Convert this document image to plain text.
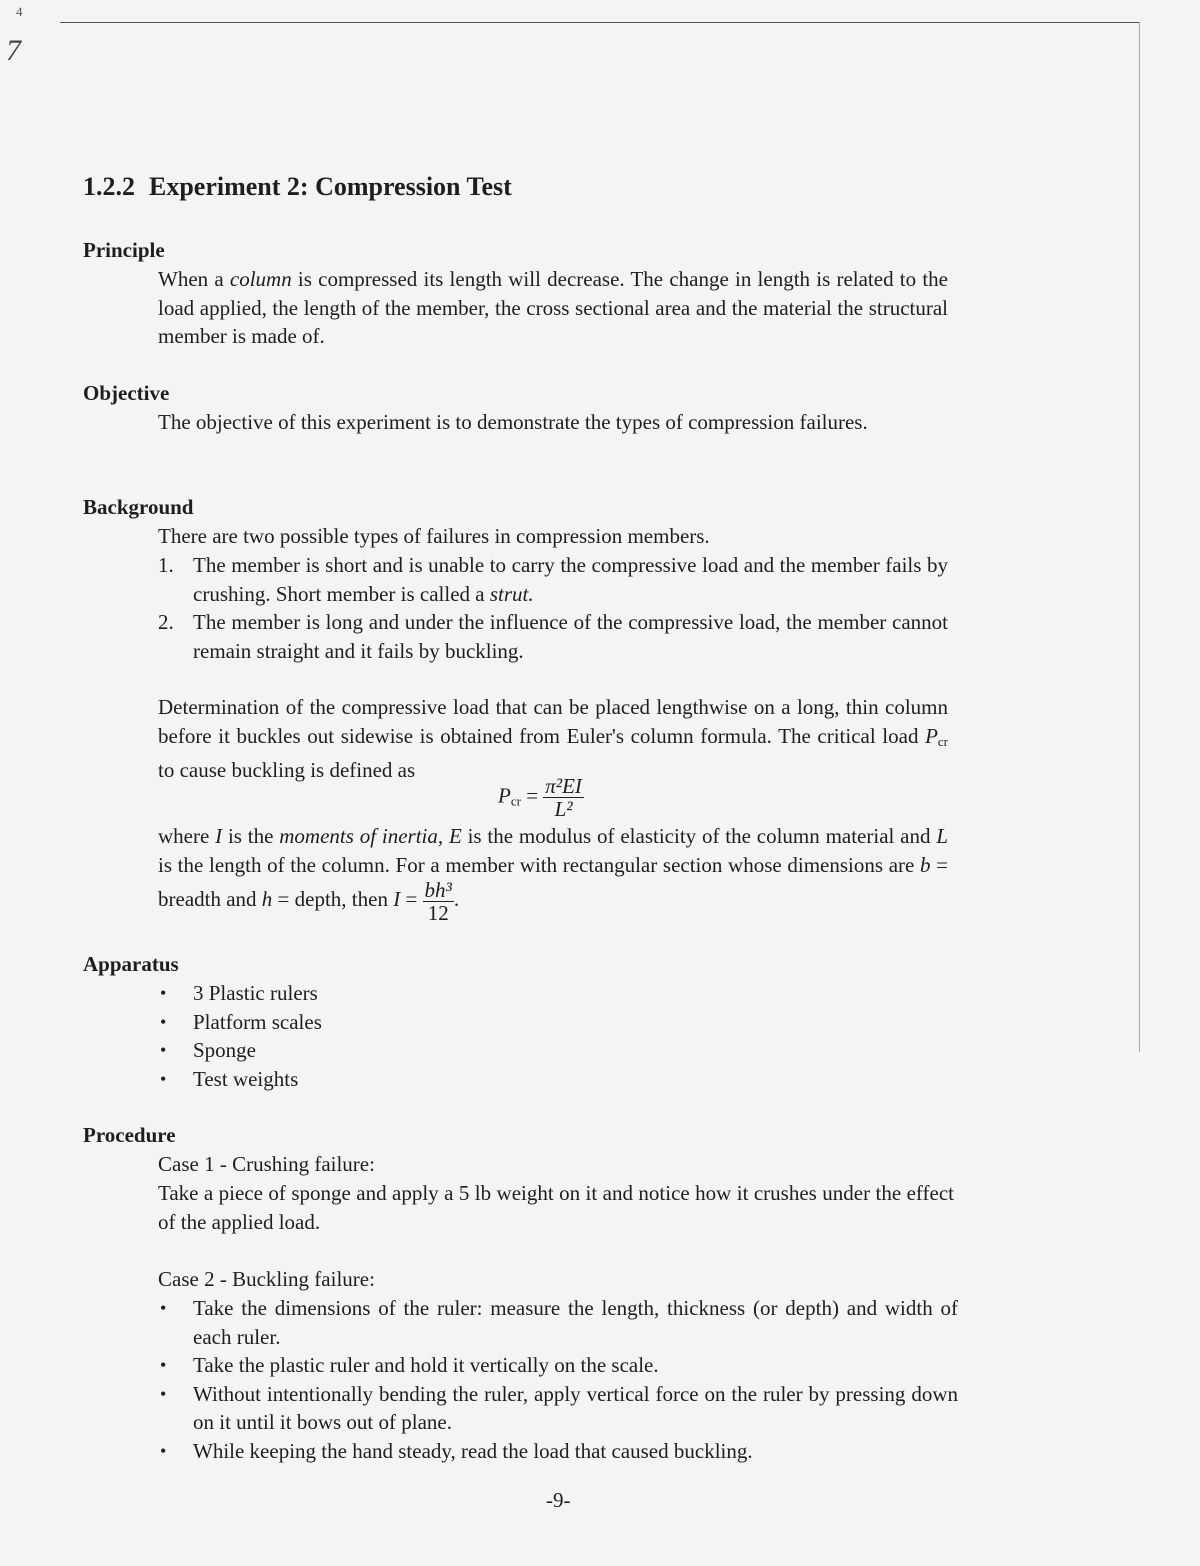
4
7
1.2.2 Experiment 2: Compression Test
Principle
When a column is compressed its length will decrease. The change in length is related to the load applied, the length of the member, the cross sectional area and the material the structural member is made of.
Objective
The objective of this experiment is to demonstrate the types of compression failures.
Background
There are two possible types of failures in compression members.
1. The member is short and is unable to carry the compressive load and the member fails by crushing. Short member is called a strut.
2. The member is long and under the influence of the compressive load, the member cannot remain straight and it fails by buckling.
Determination of the compressive load that can be placed lengthwise on a long, thin column before it buckles out sidewise is obtained from Euler's column formula. The critical load $P_{cr}$ to cause buckling is defined as
$P_{cr} = \frac{\text{π²EI}}{\text{L²}}$
where I is the moments of inertia, E is the modulus of elasticity of the column material and L is the length of the column. For a member with rectangular section whose dimensions are b = breadth and h = depth, then $I = \frac{\text{bh³}}{12}$ .
Apparatus
• 3 Plastic rulers
• Platform scales
• Sponge
• Test weights
Procedure
Case 1 - Crushing failure:
Take a piece of sponge and apply a 5 lb weight on it and notice how it crushes under the effect of the applied load.
Case 2 - Buckling failure:
• Take the dimensions of the ruler: measure the length, thickness (or depth) and width of each ruler.
• Take the plastic ruler and hold it vertically on the scale.
• Without intentionally bending the ruler, apply vertical force on the ruler by pressing down on it until it bows out of plane.
• While keeping the hand steady, read the load that caused buckling.
-9-
